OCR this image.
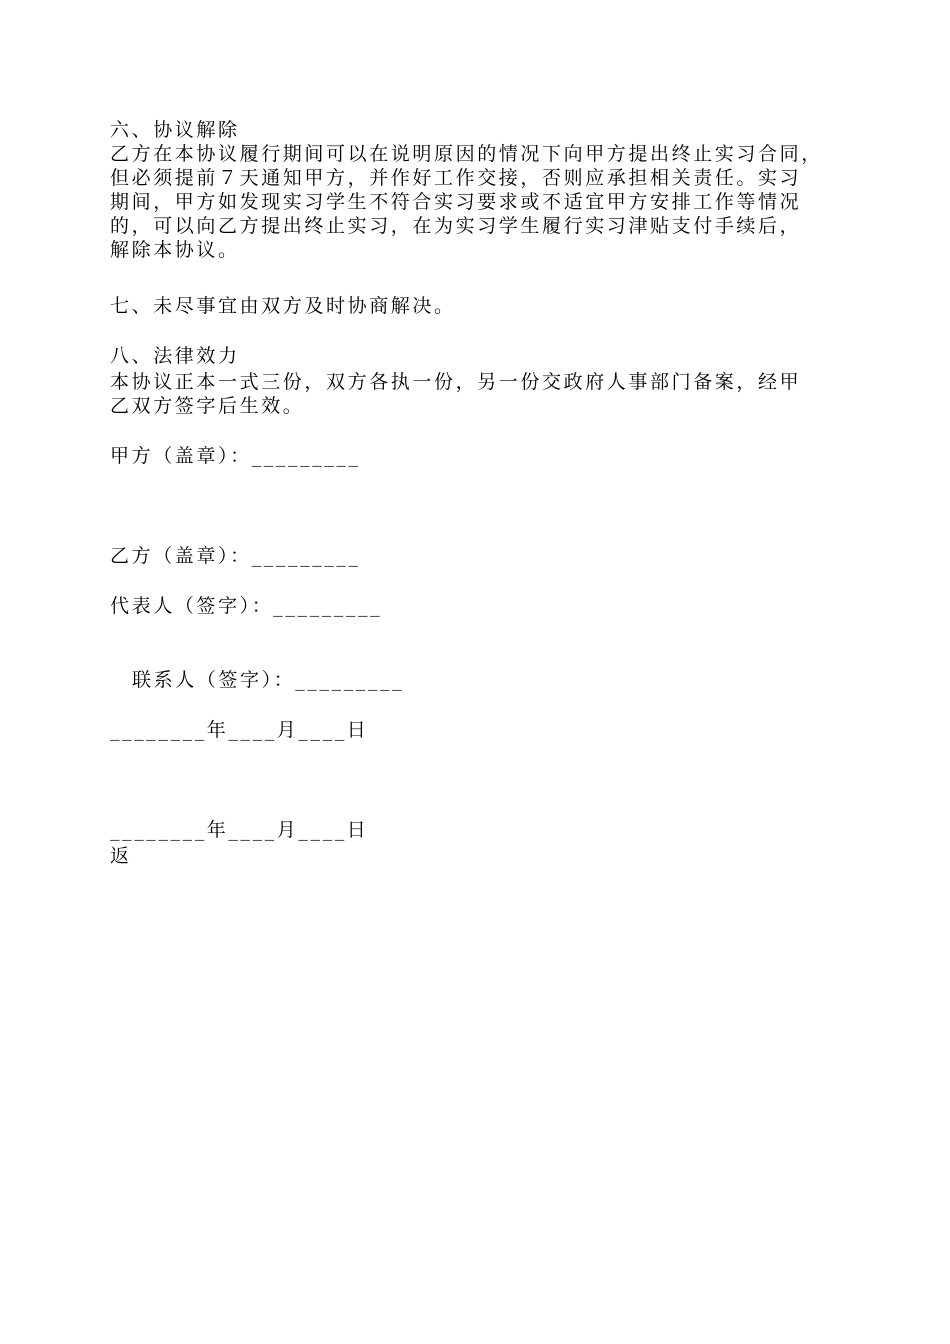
六、协议解除
乙方在本协议履行期间可以在说明原因的情况下向甲方提出终止实习合同，
但必须提前７天通知甲方，并作好工作交接，否则应承担相关责任。实习
期间，甲方如发现实习学生不符合实习要求或不适宜甲方安排工作等情况
的，可以向乙方提出终止实习，在为实习学生履行实习津贴支付手续后，
解除本协议。
七、未尽事宜由双方及时协商解决。
八、法律效力
本协议正本一式三份，双方各执一份，另一份交政府人事部门备案，经甲
乙双方签字后生效。
甲方（盖章）：_________
乙方（盖章）：_________
代表人（签字）：_________
联系人（签字）：_________
________年____月____日
________年____月____日
返
